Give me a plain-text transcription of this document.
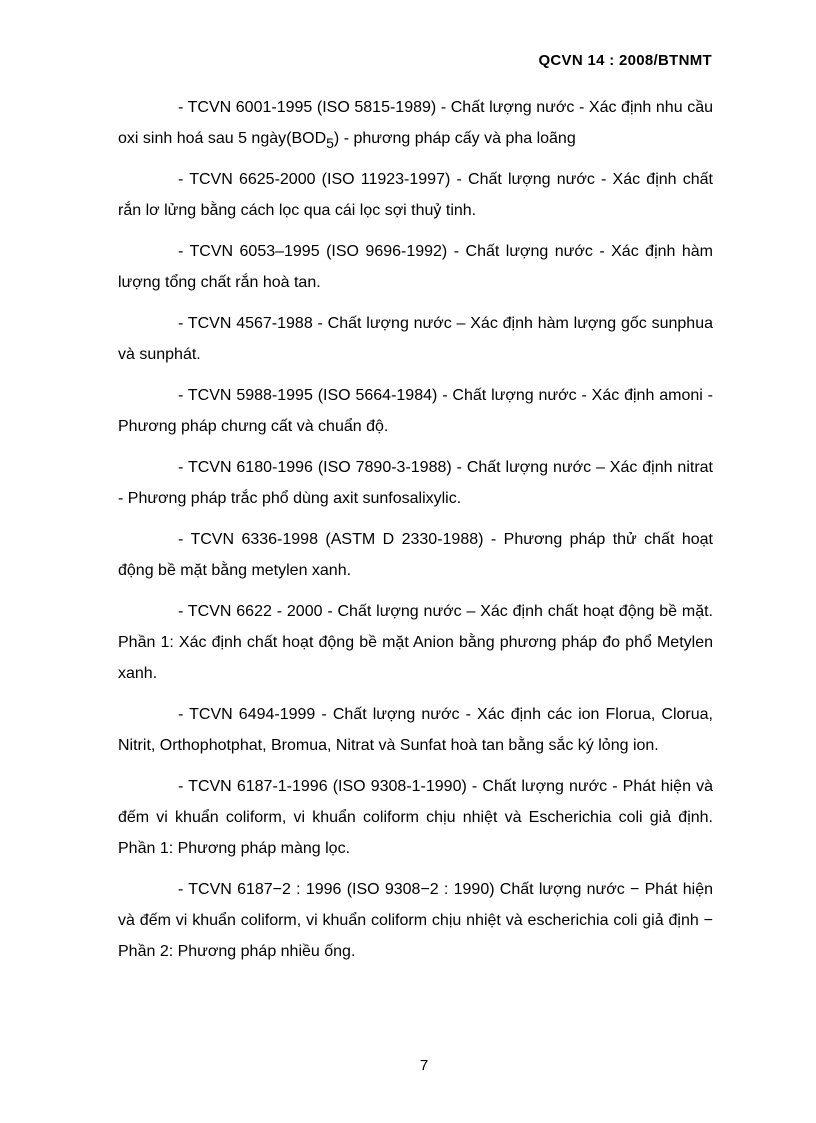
QCVN 14 : 2008/BTNMT

- TCVN 6001-1995 (ISO 5815-1989) - Chất lượng nước - Xác định nhu cầu oxi sinh hoá sau 5 $ngày(BOD_5)$ - phương pháp cấy và pha loãng

- TCVN 6625-2000 (ISO 11923-1997) - Chất lượng nước - Xác định chất rắn lơ lửng bằng cách lọc qua cái lọc sợi thuỷ tinh.

- TCVN 6053–1995 (ISO 9696-1992) - Chất lượng nước - Xác định hàm lượng tổng chất rắn hoà tan.

- TCVN 4567-1988 - Chất lượng nước – Xác định hàm lượng gốc sunphua và sunphát.

- TCVN 5988-1995 (ISO 5664-1984) - Chất lượng nước - Xác định amoni - Phương pháp chưng cất và chuẩn độ.

- TCVN 6180-1996 (ISO 7890-3-1988) - Chất lượng nước – Xác định nitrat - Phương pháp trắc phổ dùng axit sunfosalixylic.

- TCVN 6336-1998 (ASTM D 2330-1988) - Phương pháp thử chất hoạt động bề mặt bằng metylen xanh.

- TCVN 6622 - 2000 - Chất lượng nước – Xác định chất hoạt động bề mặt. Phần 1: Xác định chất hoạt động bề mặt Anion bằng phương pháp đo phổ Metylen xanh.

- TCVN 6494-1999 - Chất lượng nước - Xác định các ion Florua, Clorua, Nitrit, Orthophotphat, Bromua, Nitrat và Sunfat hoà tan bằng sắc ký lỏng ion.

- TCVN 6187-1-1996 (ISO 9308-1-1990) - Chất lượng nước - Phát hiện và đếm vi khuẩn coliform, vi khuẩn coliform chịu nhiệt và Escherichia coli giả định. Phần 1: Phương pháp màng lọc.

- TCVN 6187−2 : 1996 (ISO 9308−2 : 1990) Chất lượng nước − Phát hiện và đếm vi khuẩn coliform, vi khuẩn coliform chịu nhiệt và escherichia coli giả định − Phần 2: Phương pháp nhiều ống.

7
